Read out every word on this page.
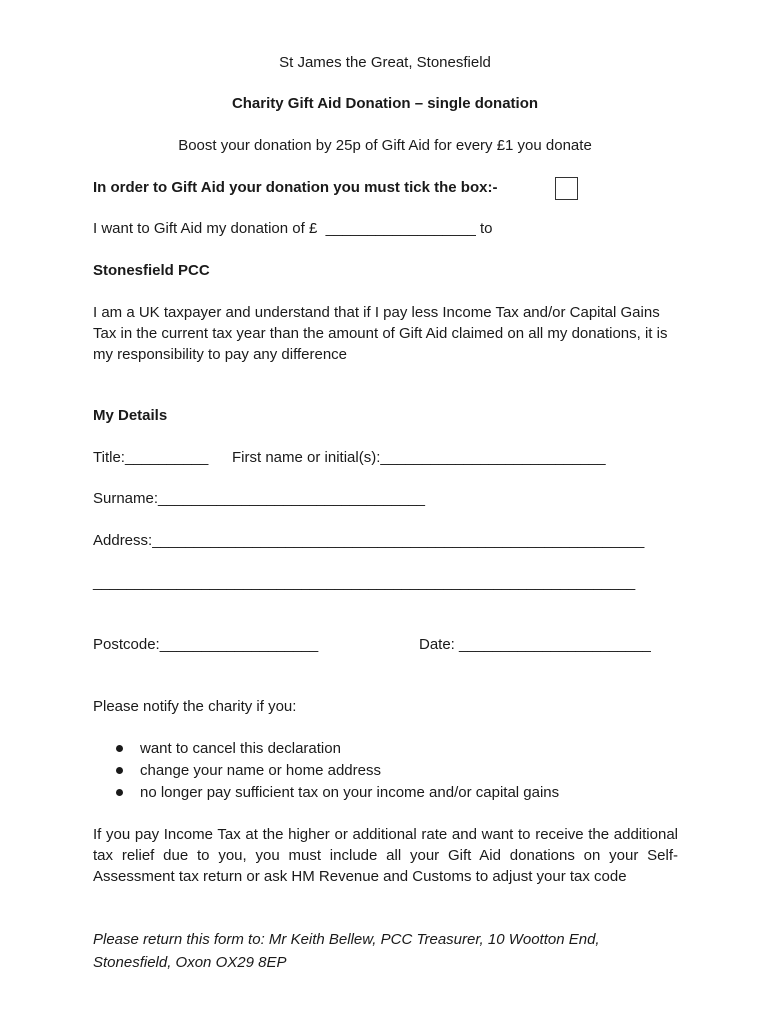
St James the Great, Stonesfield
Charity Gift Aid Donation – single donation
Boost your donation by 25p of Gift Aid for every £1 you donate
In order to Gift Aid your donation you must tick the box:-
I want to Gift Aid my donation of £  __________________ to
Stonesfield PCC
I am a UK taxpayer and understand that if I pay less Income Tax and/or Capital Gains Tax in the current tax year than the amount of Gift Aid claimed on all my donations, it is my responsibility to pay any difference
My Details
Title:__________ First name or initial(s):___________________________
Surname:________________________________
Address:___________________________________________________________
_________________________________________________________________
Postcode:___________________	Date: _______________________
Please notify the charity if you:
want to cancel this declaration
change your name or home address
no longer pay sufficient tax on your income and/or capital gains
If you pay Income Tax at the higher or additional rate and want to receive the additional tax relief due to you, you must include all your Gift Aid donations on your Self-Assessment tax return or ask HM Revenue and Customs to adjust your tax code
Please return this form to: Mr Keith Bellew, PCC Treasurer, 10 Wootton End, Stonesfield, Oxon OX29 8EP
